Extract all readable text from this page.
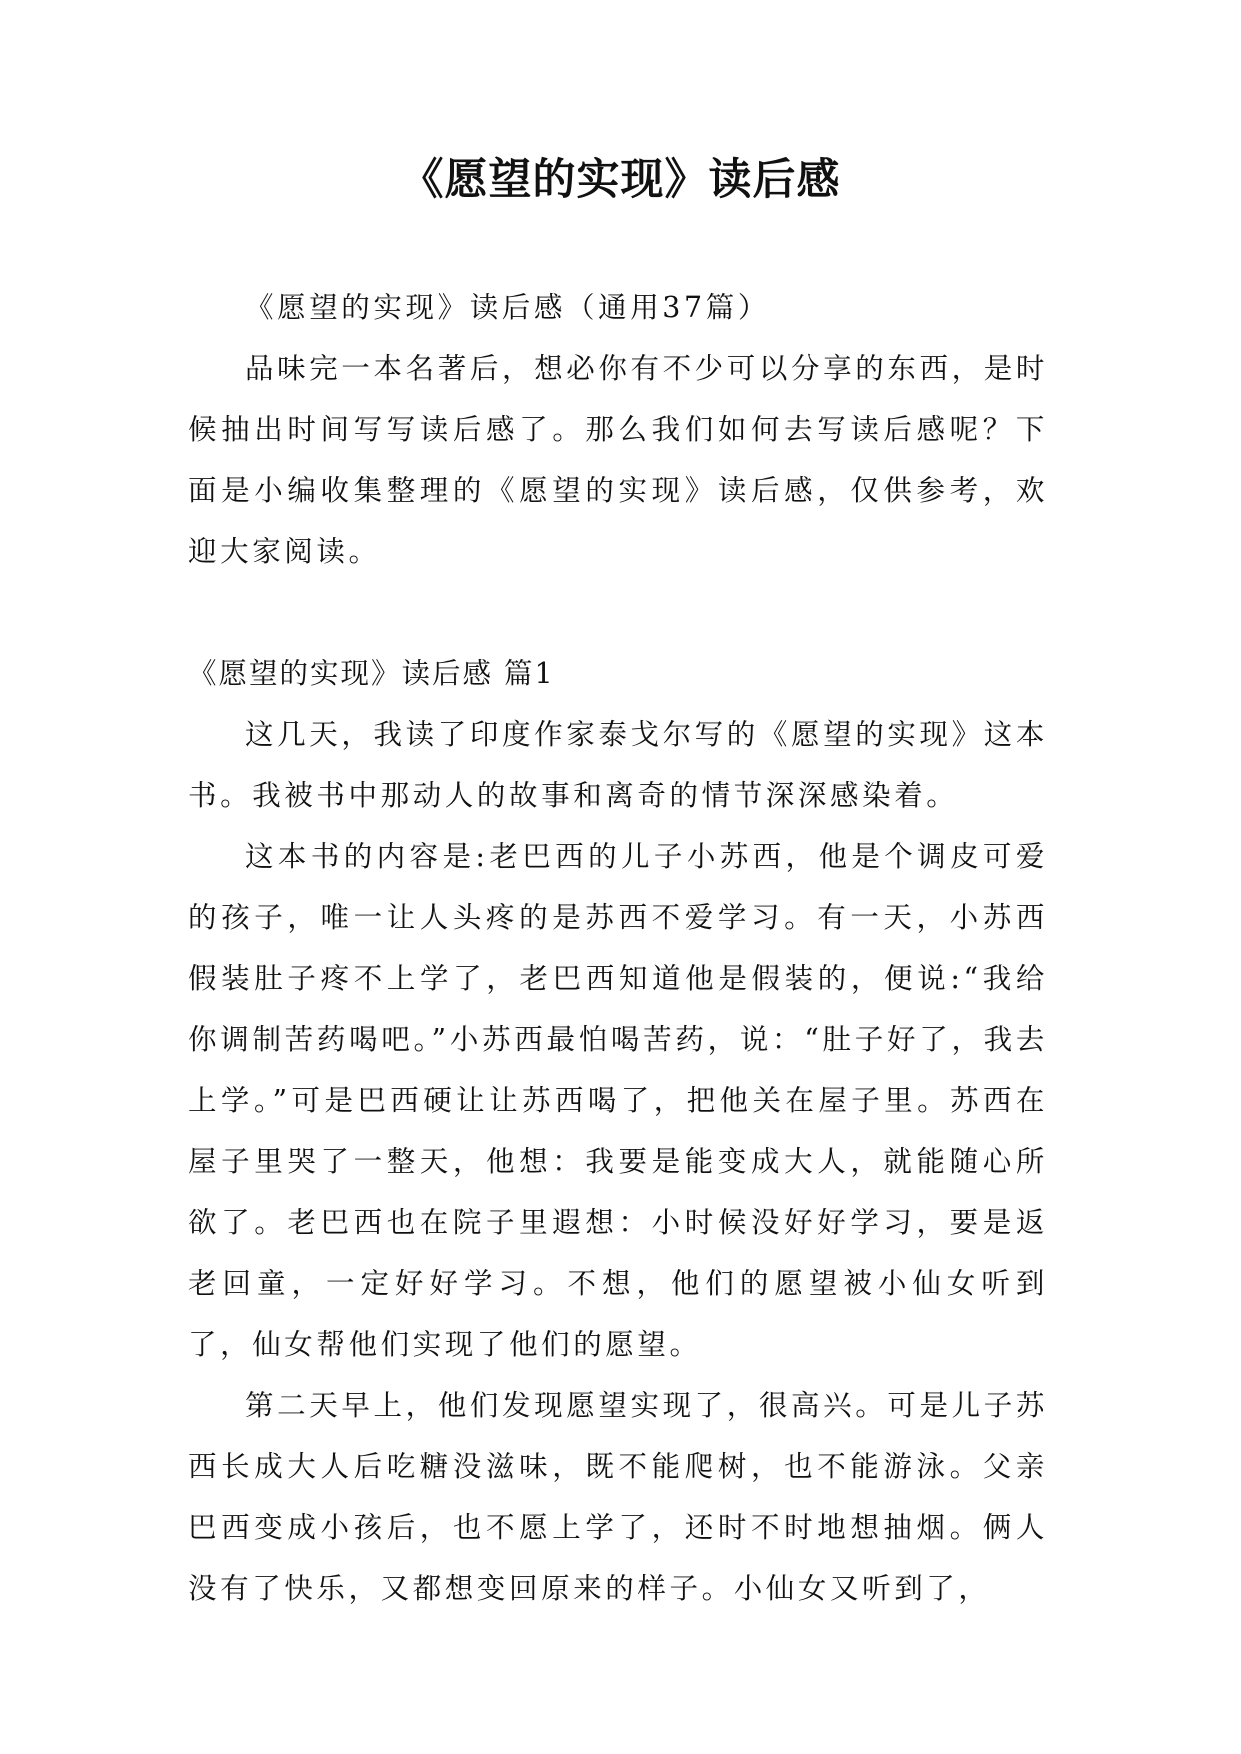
《愿望的实现》读后感

《愿望的实现》读后感（通用37篇）

品味完一本名著后，想必你有不少可以分享的东西，是时候抽出时间写写读后感了。那么我们如何去写读后感呢？下面是小编收集整理的《愿望的实现》读后感，仅供参考，欢迎大家阅读。

《愿望的实现》读后感 篇1

这几天，我读了印度作家泰戈尔写的《愿望的实现》这本书。我被书中那动人的故事和离奇的情节深深感染着。

这本书的内容是:老巴西的儿子小苏西，他是个调皮可爱的孩子，唯一让人头疼的是苏西不爱学习。有一天，小苏西假装肚子疼不上学了，老巴西知道他是假装的，便说:“我给你调制苦药喝吧。”小苏西最怕喝苦药，说：“肚子好了，我去上学。”可是巴西硬让让苏西喝了，把他关在屋子里。苏西在屋子里哭了一整天，他想：我要是能变成大人，就能随心所欲了。老巴西也在院子里遐想：小时候没好好学习，要是返老回童，一定好好学习。不想，他们的愿望被小仙女听到了，仙女帮他们实现了他们的愿望。

第二天早上，他们发现愿望实现了，很高兴。可是儿子苏西长成大人后吃糖没滋味，既不能爬树，也不能游泳。父亲巴西变成小孩后，也不愿上学了，还时不时地想抽烟。俩人没有了快乐，又都想变回原来的样子。小仙女又听到了，
